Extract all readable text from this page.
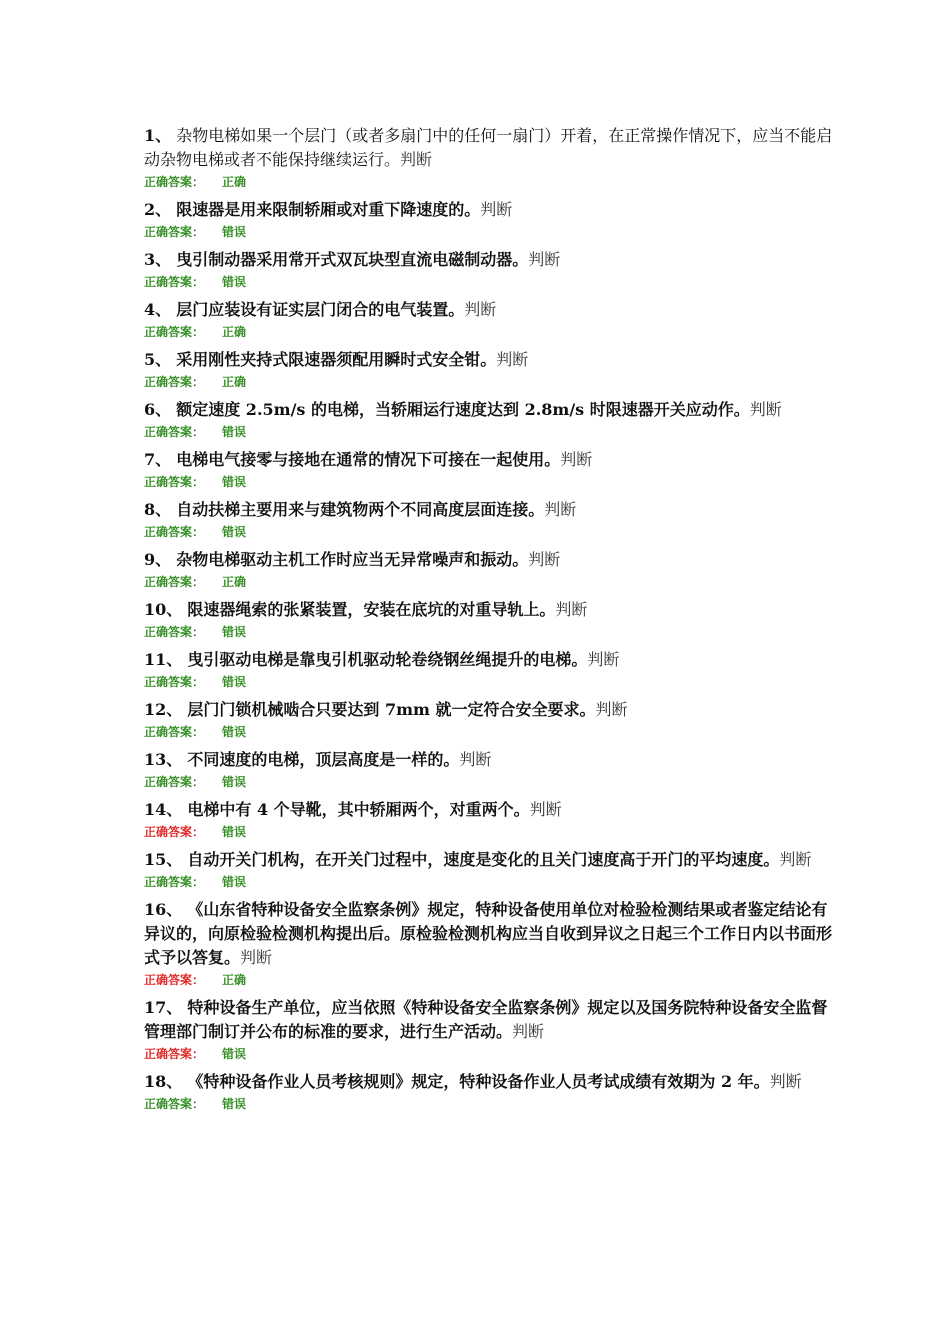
1、 杂物电梯如果一个层门（或者多扇门中的任何一扇门）开着，在正常操作情况下，应当不能启动杂物电梯或者不能保持继续运行。判断

正确答案： 正确

2、 限速器是用来限制轿厢或对重下降速度的。判断

正确答案： 错误

3、 曳引制动器采用常开式双瓦块型直流电磁制动器。判断

正确答案： 错误

4、 层门应装设有证实层门闭合的电气装置。判断

正确答案： 正确

5、 采用刚性夹持式限速器须配用瞬时式安全钳。判断

正确答案： 正确

6、 额定速度 2.5m/s 的电梯，当轿厢运行速度达到 2.8m/s 时限速器开关应动作。判断

正确答案： 错误

7、 电梯电气接零与接地在通常的情况下可接在一起使用。判断

正确答案： 错误

8、 自动扶梯主要用来与建筑物两个不同高度层面连接。判断

正确答案： 错误

9、 杂物电梯驱动主机工作时应当无异常噪声和振动。判断

正确答案： 正确

10、 限速器绳索的张紧装置，安装在底坑的对重导轨上。判断

正确答案： 错误

11、 曳引驱动电梯是靠曳引机驱动轮卷绕钢丝绳提升的电梯。判断

正确答案： 错误

12、 层门门锁机械啮合只要达到 7mm 就一定符合安全要求。判断

正确答案： 错误

13、 不同速度的电梯，顶层高度是一样的。判断

正确答案： 错误

14、 电梯中有 4 个导靴，其中轿厢两个，对重两个。判断

正确答案： 错误

15、 自动开关门机构，在开关门过程中，速度是变化的且关门速度高于开门的平均速度。判断

正确答案： 错误

16、 《山东省特种设备安全监察条例》规定，特种设备使用单位对检验检测结果或者鉴定结论有异议的，向原检验检测机构提出后。原检验检测机构应当自收到异议之日起三个工作日内以书面形式予以答复。判断

正确答案： 正确

17、 特种设备生产单位，应当依照《特种设备安全监察条例》规定以及国务院特种设备安全监督管理部门制订并公布的标准的要求，进行生产活动。判断

正确答案： 错误

18、 《特种设备作业人员考核规则》规定，特种设备作业人员考试成绩有效期为 2 年。判断

正确答案： 错误
